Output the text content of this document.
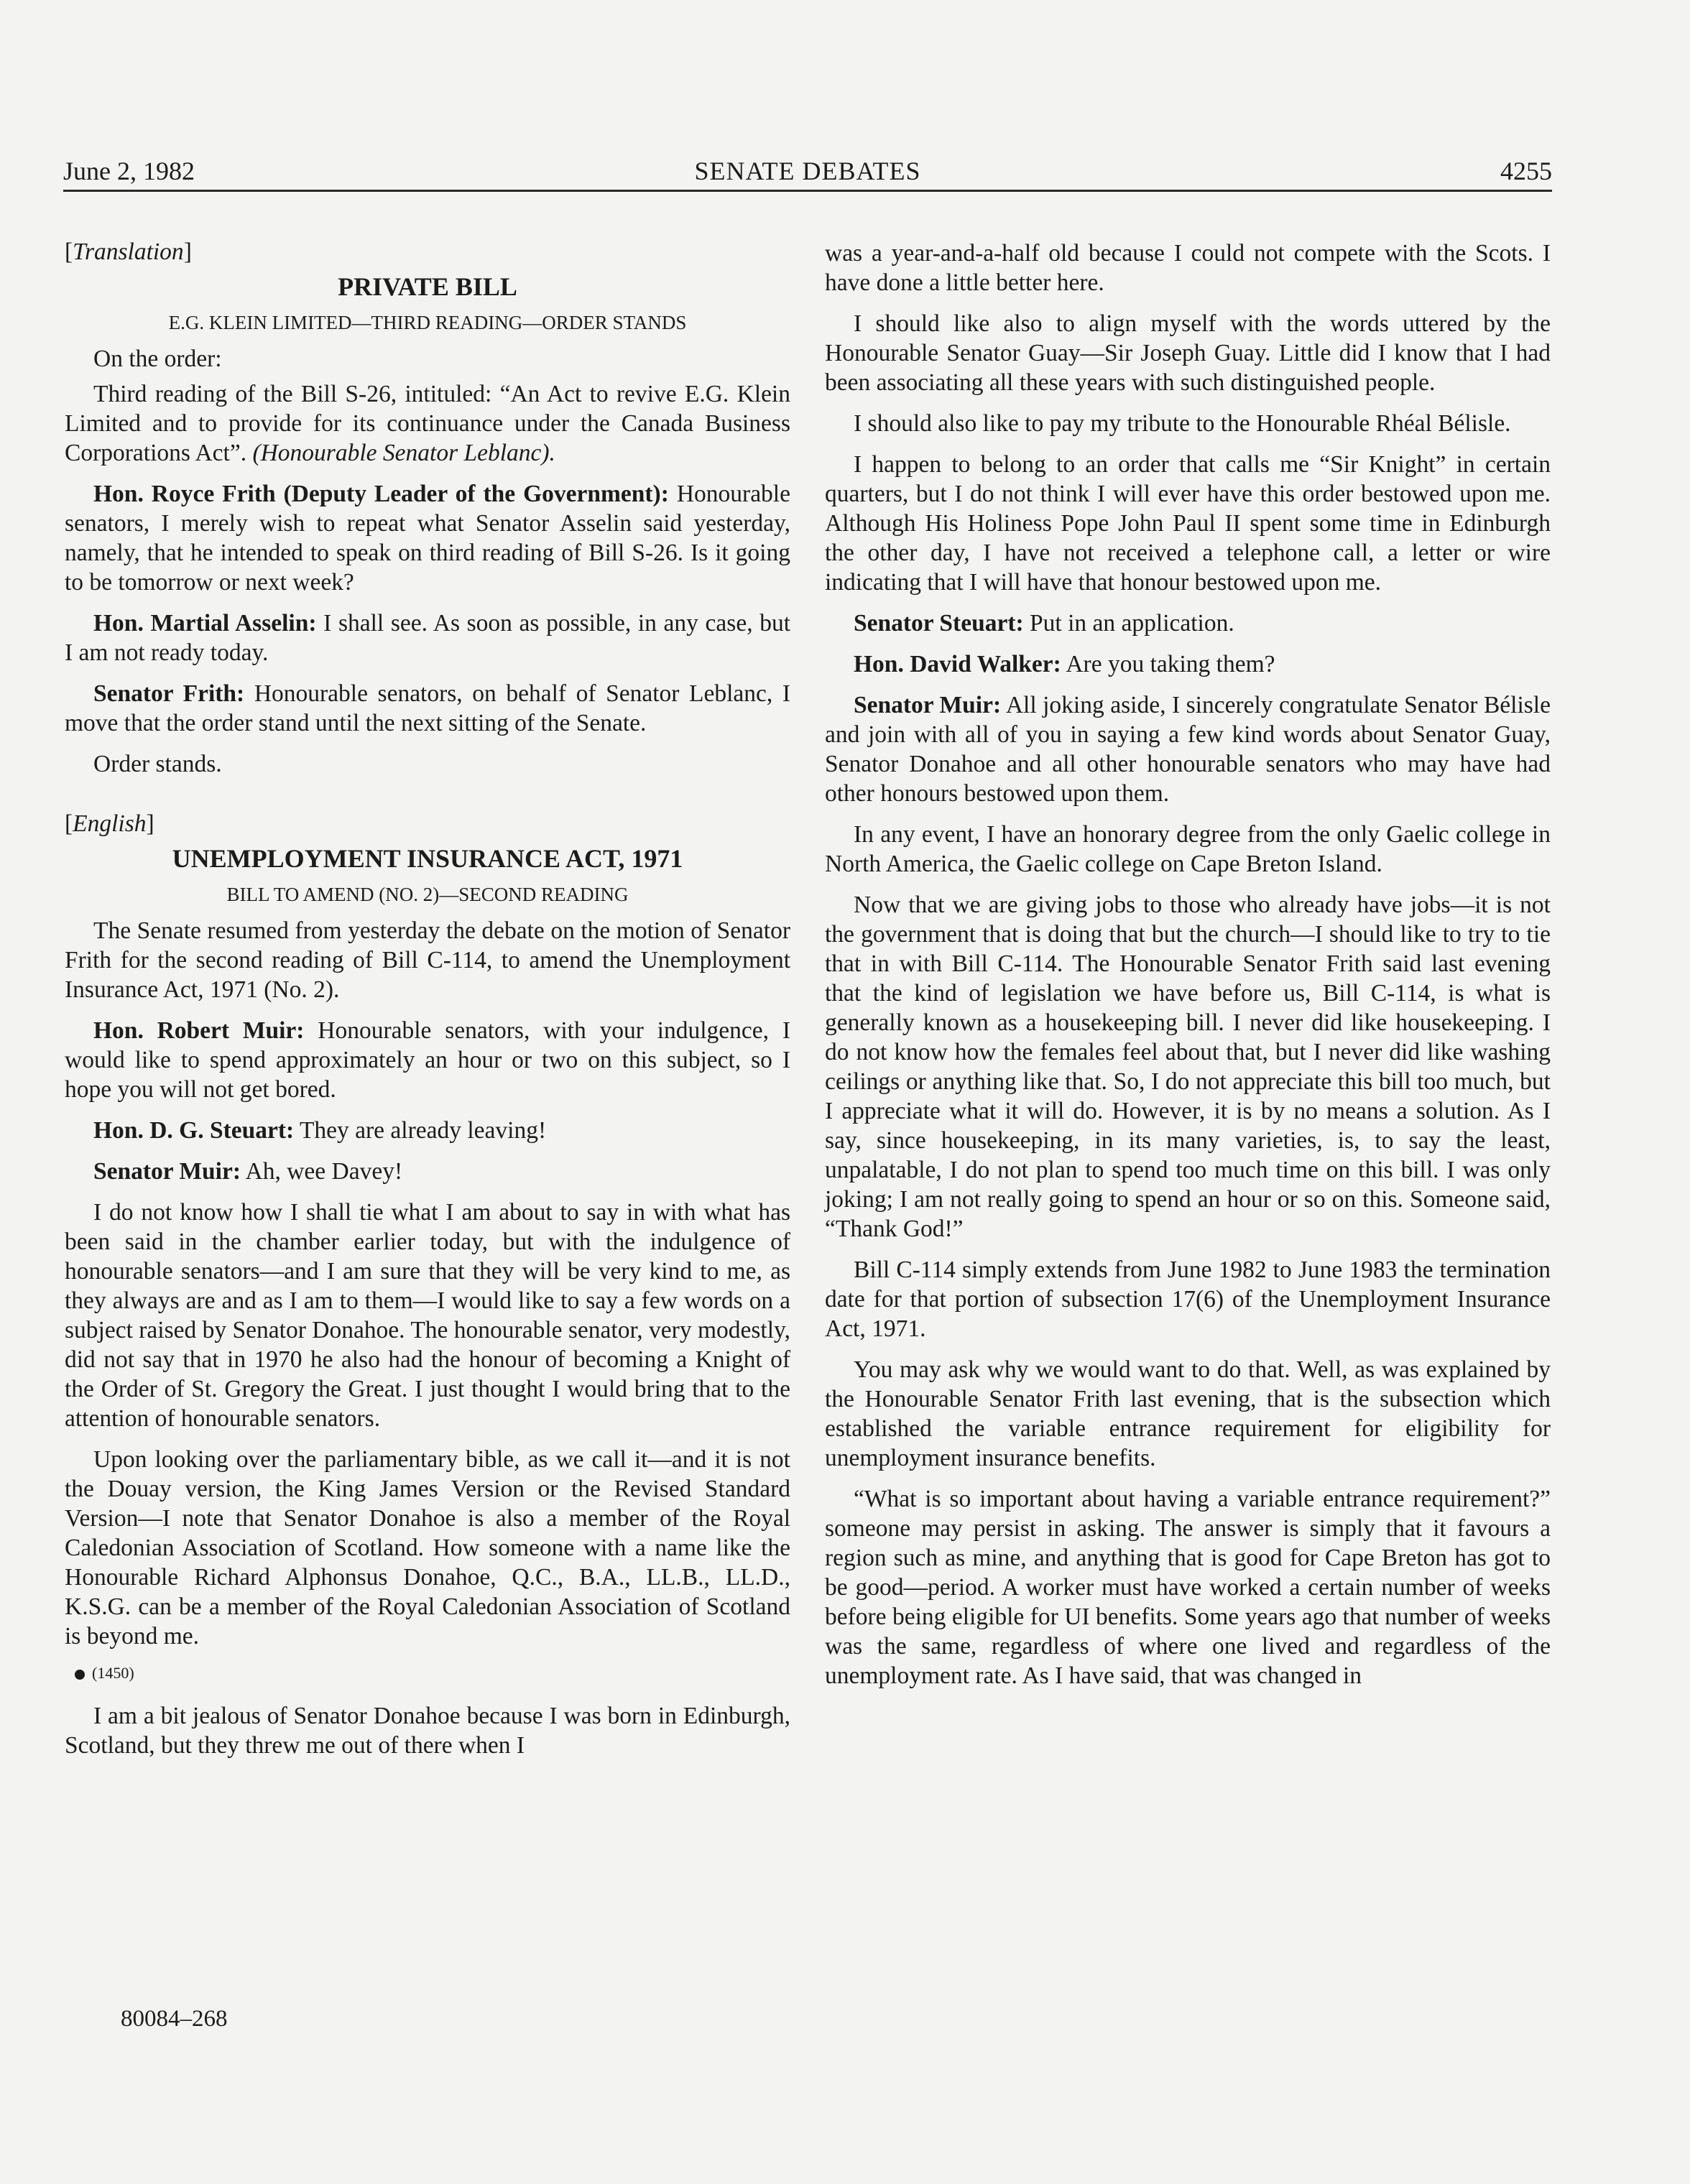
June 2, 1982	SENATE DEBATES	4255
[Translation]
PRIVATE BILL
E.G. KLEIN LIMITED—THIRD READING—ORDER STANDS
On the order:

Third reading of the Bill S-26, intituled: “An Act to revive E.G. Klein Limited and to provide for its continuance under the Canada Business Corporations Act”. (Honourable Senator Leblanc).

Hon. Royce Frith (Deputy Leader of the Government): Honourable senators, I merely wish to repeat what Senator Asselin said yesterday, namely, that he intended to speak on third reading of Bill S-26. Is it going to be tomorrow or next week?

Hon. Martial Asselin: I shall see. As soon as possible, in any case, but I am not ready today.

Senator Frith: Honourable senators, on behalf of Senator Leblanc, I move that the order stand until the next sitting of the Senate.

Order stands.

[English]
UNEMPLOYMENT INSURANCE ACT, 1971
BILL TO AMEND (NO. 2)—SECOND READING

The Senate resumed from yesterday the debate on the motion of Senator Frith for the second reading of Bill C-114, to amend the Unemployment Insurance Act, 1971 (No. 2).

Hon. Robert Muir: Honourable senators, with your indulgence, I would like to spend approximately an hour or two on this subject, so I hope you will not get bored.

Hon. D. G. Steuart: They are already leaving!

Senator Muir: Ah, wee Davey!

I do not know how I shall tie what I am about to say in with what has been said in the chamber earlier today, but with the indulgence of honourable senators—and I am sure that they will be very kind to me, as they always are and as I am to them—I would like to say a few words on a subject raised by Senator Donahoe. The honourable senator, very modestly, did not say that in 1970 he also had the honour of becoming a Knight of the Order of St. Gregory the Great. I just thought I would bring that to the attention of honourable senators.

Upon looking over the parliamentary bible, as we call it—and it is not the Douay version, the King James Version or the Revised Standard Version—I note that Senator Donahoe is also a member of the Royal Caledonian Association of Scotland. How someone with a name like the Honourable Richard Alphonsus Donahoe, Q.C., B.A., LL.B., LL.D., K.S.G. can be a member of the Royal Caledonian Association of Scotland is beyond me.

(1450)

I am a bit jealous of Senator Donahoe because I was born in Edinburgh, Scotland, but they threw me out of there when I

was a year-and-a-half old because I could not compete with the Scots. I have done a little better here.

I should like also to align myself with the words uttered by the Honourable Senator Guay—Sir Joseph Guay. Little did I know that I had been associating all these years with such distinguished people.

I should also like to pay my tribute to the Honourable Rhéal Bélisle.

I happen to belong to an order that calls me “Sir Knight” in certain quarters, but I do not think I will ever have this order bestowed upon me. Although His Holiness Pope John Paul II spent some time in Edinburgh the other day, I have not received a telephone call, a letter or wire indicating that I will have that honour bestowed upon me.

Senator Steuart: Put in an application.

Hon. David Walker: Are you taking them?

Senator Muir: All joking aside, I sincerely congratulate Senator Bélisle and join with all of you in saying a few kind words about Senator Guay, Senator Donahoe and all other honourable senators who may have had other honours bestowed upon them.

In any event, I have an honorary degree from the only Gaelic college in North America, the Gaelic college on Cape Breton Island.

Now that we are giving jobs to those who already have jobs—it is not the government that is doing that but the church—I should like to try to tie that in with Bill C-114. The Honourable Senator Frith said last evening that the kind of legislation we have before us, Bill C-114, is what is generally known as a housekeeping bill. I never did like housekeeping. I do not know how the females feel about that, but I never did like washing ceilings or anything like that. So, I do not appreciate this bill too much, but I appreciate what it will do. However, it is by no means a solution. As I say, since housekeeping, in its many varieties, is, to say the least, unpalatable, I do not plan to spend too much time on this bill. I was only joking; I am not really going to spend an hour or so on this. Someone said, “Thank God!”

Bill C-114 simply extends from June 1982 to June 1983 the termination date for that portion of subsection 17(6) of the Unemployment Insurance Act, 1971.

You may ask why we would want to do that. Well, as was explained by the Honourable Senator Frith last evening, that is the subsection which established the variable entrance requirement for eligibility for unemployment insurance benefits.

“What is so important about having a variable entrance requirement?” someone may persist in asking. The answer is simply that it favours a region such as mine, and anything that is good for Cape Breton has got to be good—period. A worker must have worked a certain number of weeks before being eligible for UI benefits. Some years ago that number of weeks was the same, regardless of where one lived and regardless of the unemployment rate. As I have said, that was changed in

80084–268
